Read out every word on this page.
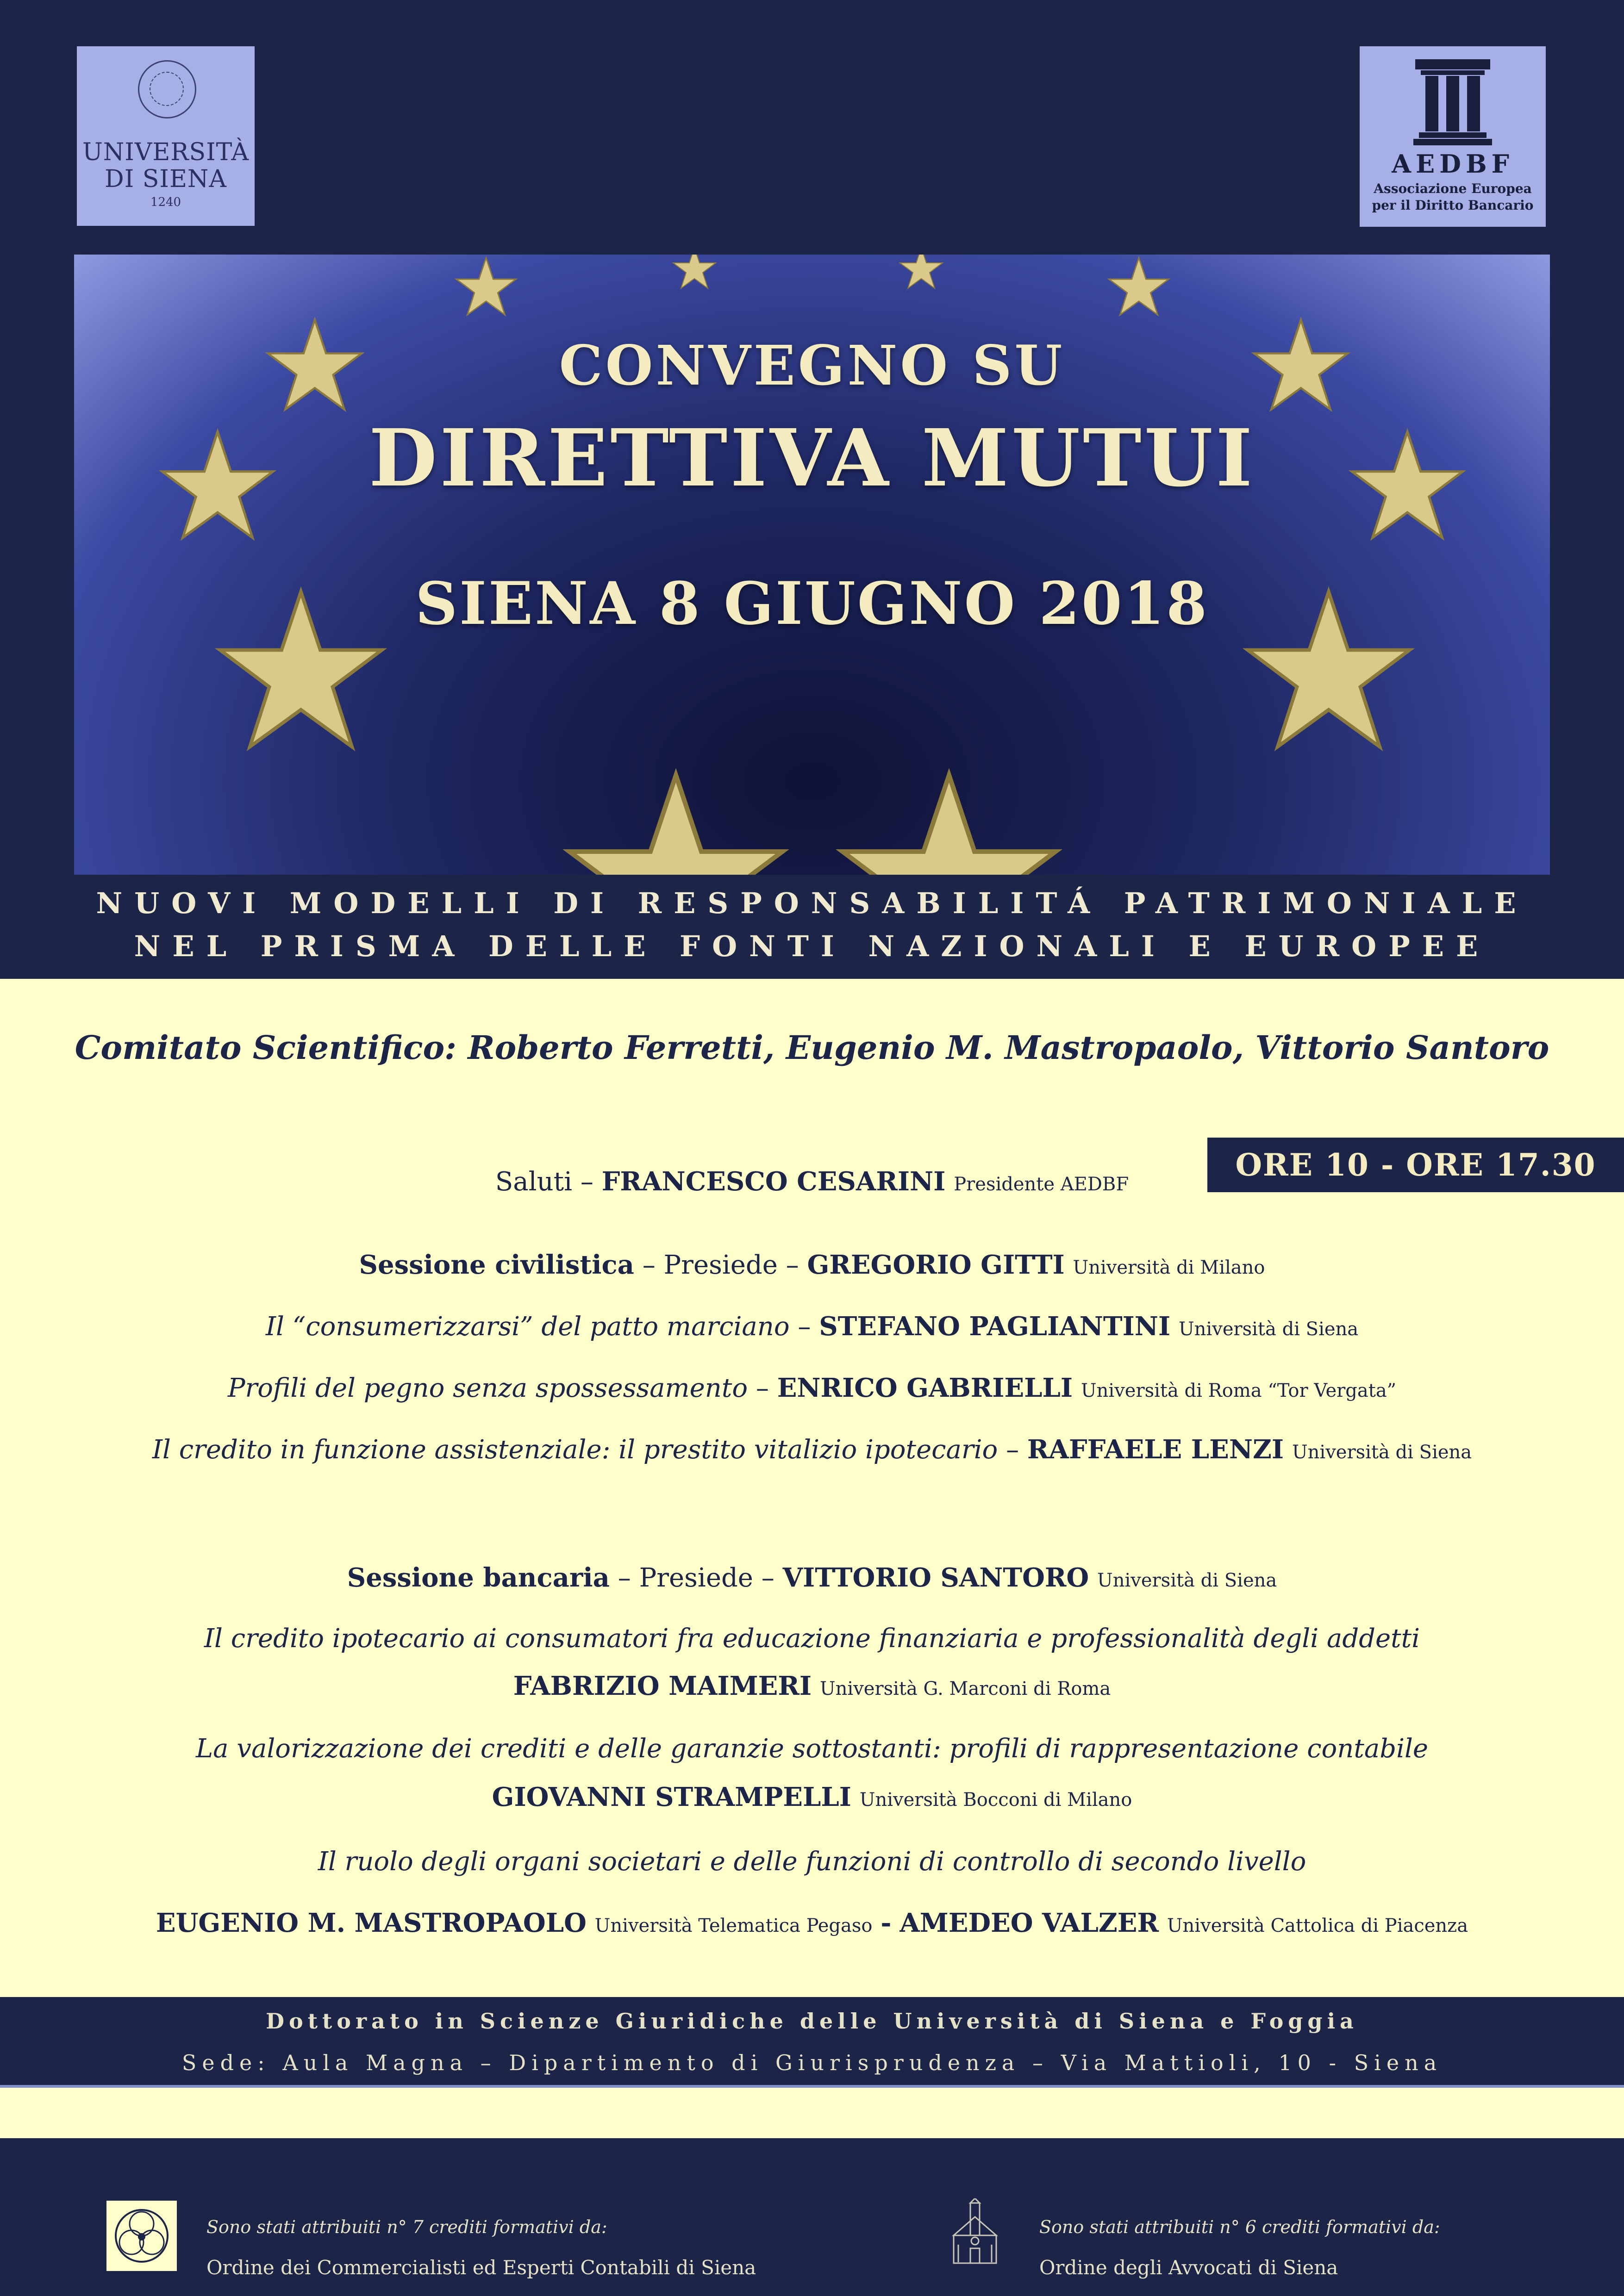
UNIVERSITÀ
DI SIENA
1240
AEDBF
Associazione Europea
per il Diritto Bancario
CONVEGNO SU
DIRETTIVA MUTUI
SIENA 8 GIUGNO 2018
NUOVI MODELLI DI RESPONSABILITÁ PATRIMONIALE
NEL PRISMA DELLE FONTI NAZIONALI E EUROPEE
Comitato Scientifico: Roberto Ferretti, Eugenio M. Mastropaolo, Vittorio Santoro
ORE 10 - ORE 17.30
Saluti – FRANCESCO CESARINI Presidente AEDBF
Sessione civilistica – Presiede – GREGORIO GITTI Università di Milano
Il “consumerizzarsi” del patto marciano – STEFANO PAGLIANTINI Università di Siena
Profili del pegno senza spossessamento – ENRICO GABRIELLI Università di Roma “Tor Vergata”
Il credito in funzione assistenziale: il prestito vitalizio ipotecario – RAFFAELE LENZI Università di Siena
Sessione bancaria – Presiede – VITTORIO SANTORO Università di Siena
Il credito ipotecario ai consumatori fra educazione finanziaria e professionalità degli addetti
FABRIZIO MAIMERI Università G. Marconi di Roma
La valorizzazione dei crediti e delle garanzie sottostanti: profili di rappresentazione contabile
GIOVANNI STRAMPELLI Università Bocconi di Milano
Il ruolo degli organi societari e delle funzioni di controllo di secondo livello
EUGENIO M. MASTROPAOLO Università Telematica Pegaso - AMEDEO VALZER Università Cattolica di Piacenza
Dottorato in Scienze Giuridiche delle Università di Siena e Foggia
Sede: Aula Magna – Dipartimento di Giurisprudenza – Via Mattioli, 10 - Siena
Sono stati attribuiti n° 7 crediti formativi da:
Ordine dei Commercialisti ed Esperti Contabili di Siena
Sono stati attribuiti n° 6 crediti formativi da:
Ordine degli Avvocati di Siena
